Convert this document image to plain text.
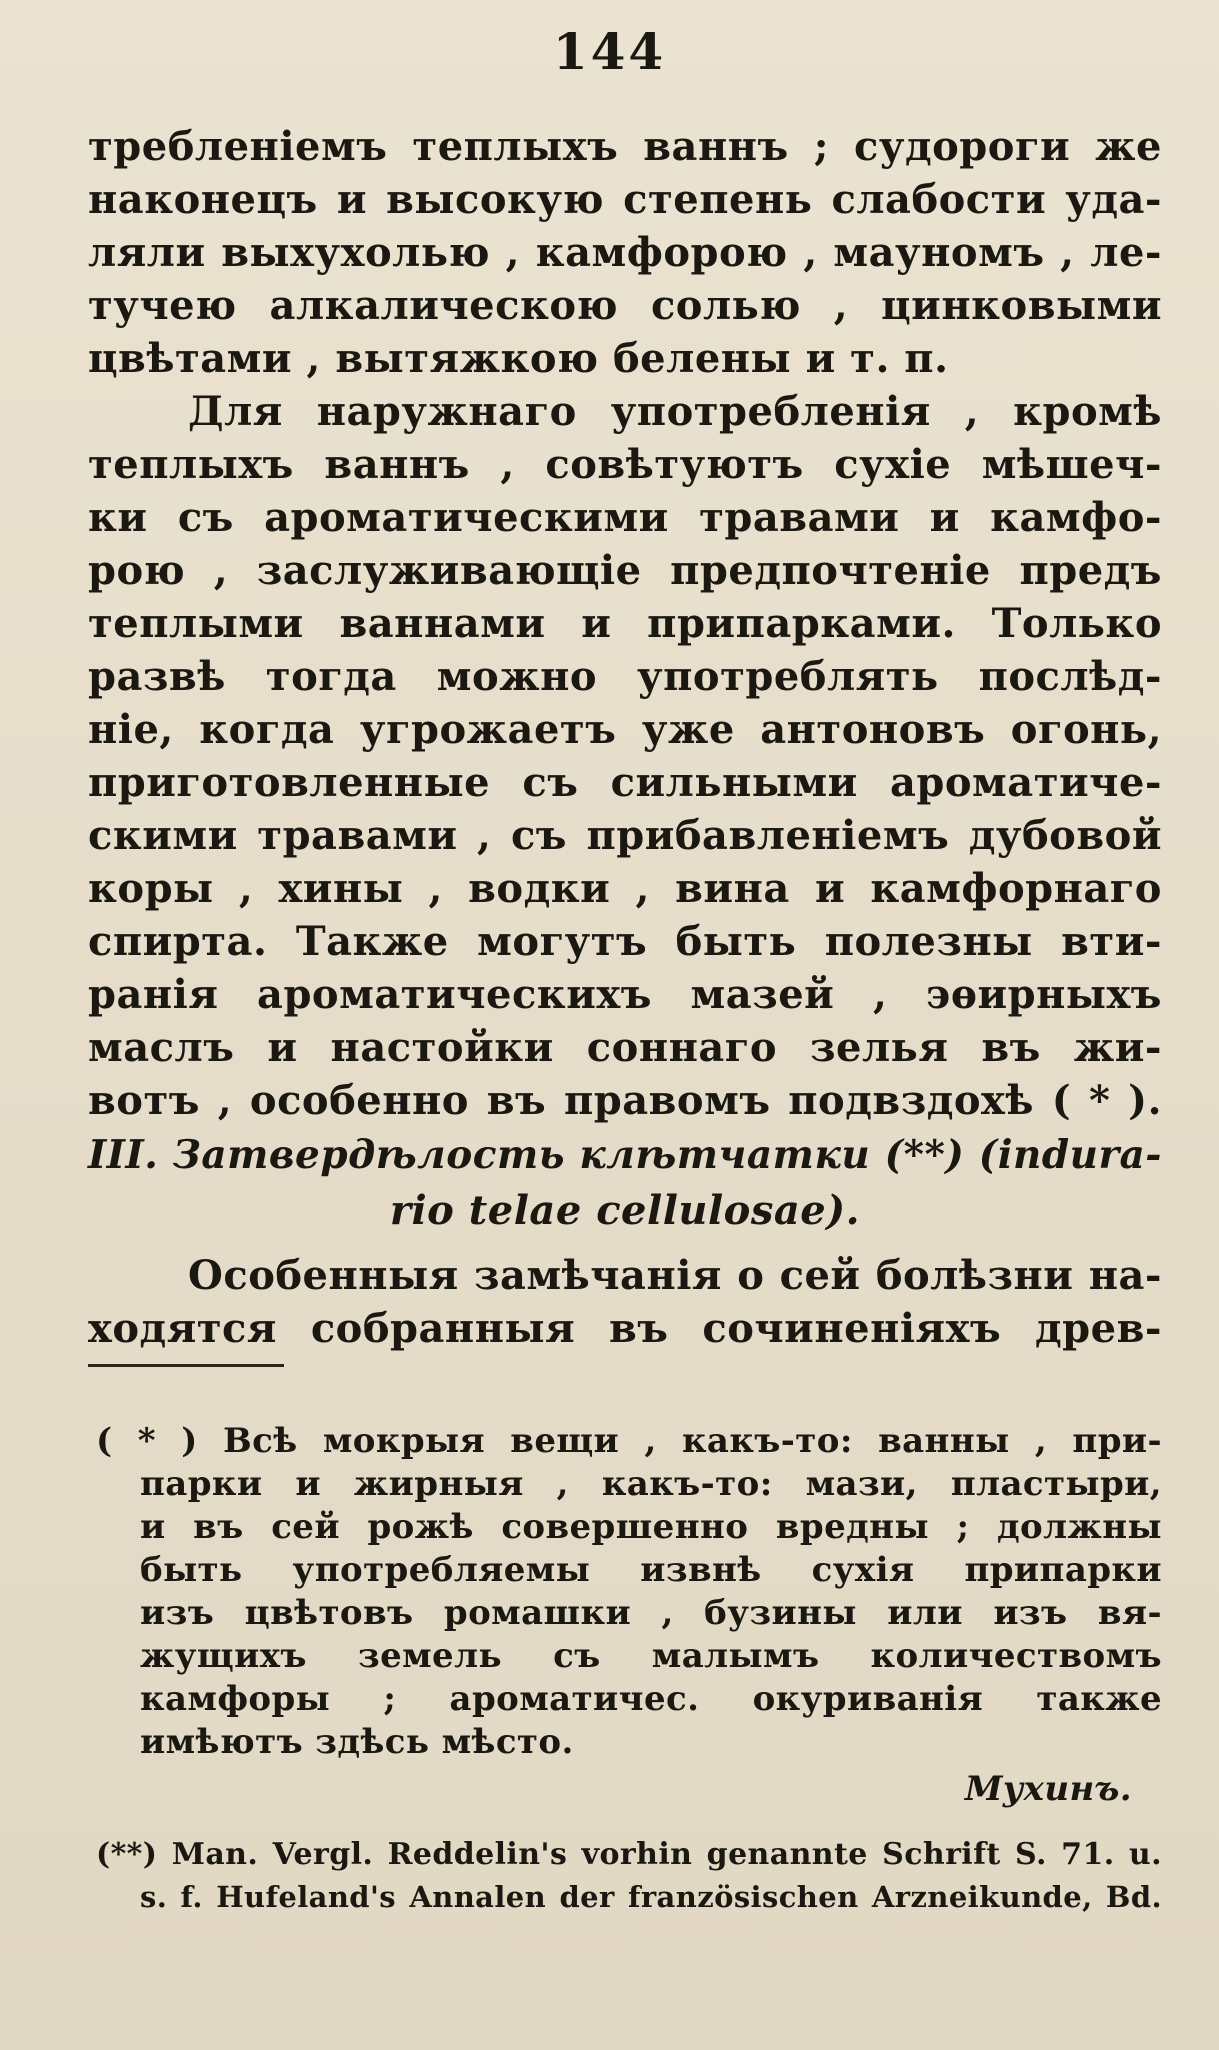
144
требленіемъ теплыхъ ваннъ ; судороги же
наконецъ и высокую степень слабости уда-
ляли выхухолью , камфорою , мауномъ , ле-
тучею алкалическою солью , цинковыми
цвѣтами , вытяжкою белены и т. п.
Для наружнаго употребленія , кромѣ
теплыхъ ваннъ , совѣтуютъ сухіе мѣшеч-
ки съ ароматическими травами и камфо-
рою , заслуживающіе предпочтеніе предъ
теплыми ваннами и припарками. Только
развѣ тогда можно употреблять послѣд-
ніе, когда угрожаетъ уже антоновъ огонь,
приготовленные съ сильными ароматиче-
скими травами , съ прибавленіемъ дубовой
коры , хины , водки , вина и камфорнаго
спирта. Также могутъ быть полезны вти-
ранія ароматическихъ мазей , эѳирныхъ
маслъ и настойки соннаго зелья въ жи-
вотъ , особенно въ правомъ подвздохѣ ( * ).
III. Затвердѣлость клѣтчатки (**) (indura-
rio telae cellulosae).
Особенныя замѣчанія о сей болѣзни на-
ходятся собранныя въ сочиненіяхъ древ-
( * ) Всѣ мокрыя вещи , какъ-то: ванны , при-
парки и жирныя , какъ-то: мази, пластыри,
и въ сей рожѣ совершенно вредны ; должны
быть употребляемы извнѣ сухія припарки
изъ цвѣтовъ ромашки , бузины или изъ вя-
жущихъ земель съ малымъ количествомъ
камфоры ; ароматичес. окуриванія также
имѣютъ здѣсь мѣсто.
Мухинъ.
(**) Man. Vergl. Reddelin's vorhin genannte Schrift S. 71. u.
s. f. Hufeland's Annalen der französischen Arzneikunde, Bd.
